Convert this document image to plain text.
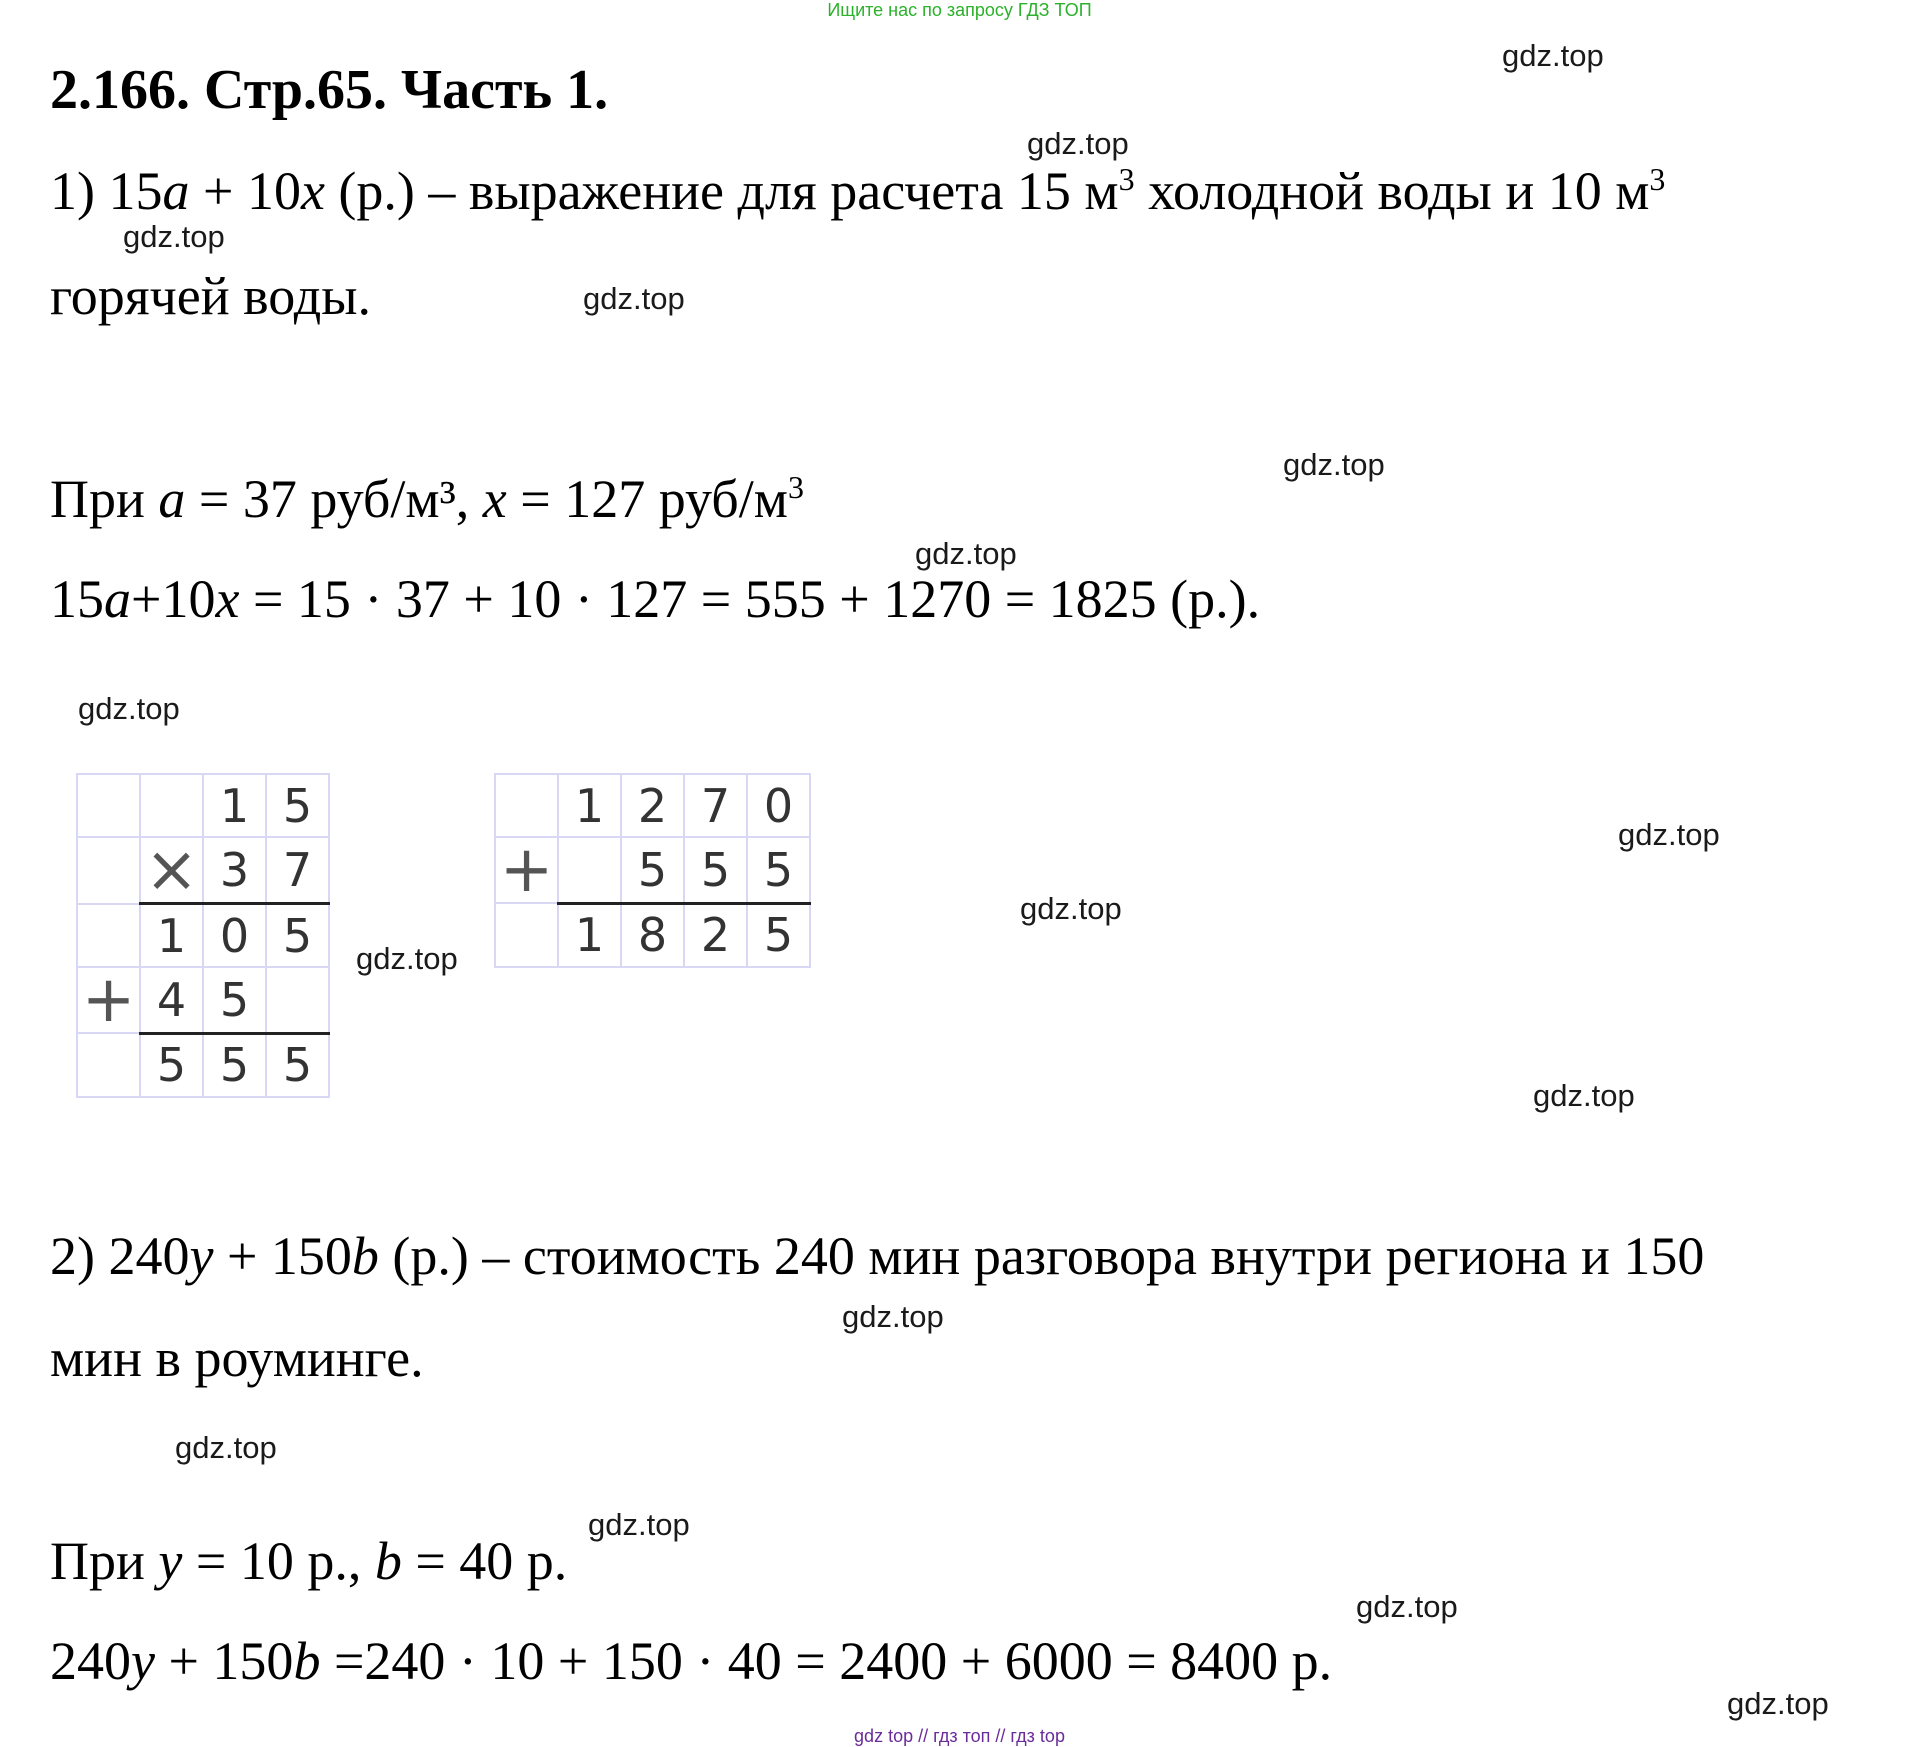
Ищите нас по запросу ГДЗ ТОП
2.166. Стр.65. Часть 1.
1) 15a + 10x (р.) – выражение для расчета 15 $м^3$ холодной воды и 10 $м^3$
горячей воды.
При a = 37 руб/м³, x = 127 руб/$м^3$
15a+10x = 15 · 37 + 10 · 127 = 555 + 1270 = 1825 (р.).
		1	5
	×	3	7
	1	0	5
+	4	5	
	5	5	5
	1	2	7	0
+		5	5	5
	1	8	2	5
2) 240y + 150b (р.) – стоимость 240 мин разговора внутри региона и 150
мин в роуминге.
При y = 10 р., b = 40 р.
240y + 150b =240 · 10 + 150 · 40 = 2400 + 6000 = 8400 р.
gdz.top
gdz.top
gdz.top
gdz.top
gdz.top
gdz.top
gdz.top
gdz.top
gdz.top
gdz.top
gdz.top
gdz.top
gdz.top
gdz.top
gdz.top
gdz.top
gdz top // гдз топ // гдз top
